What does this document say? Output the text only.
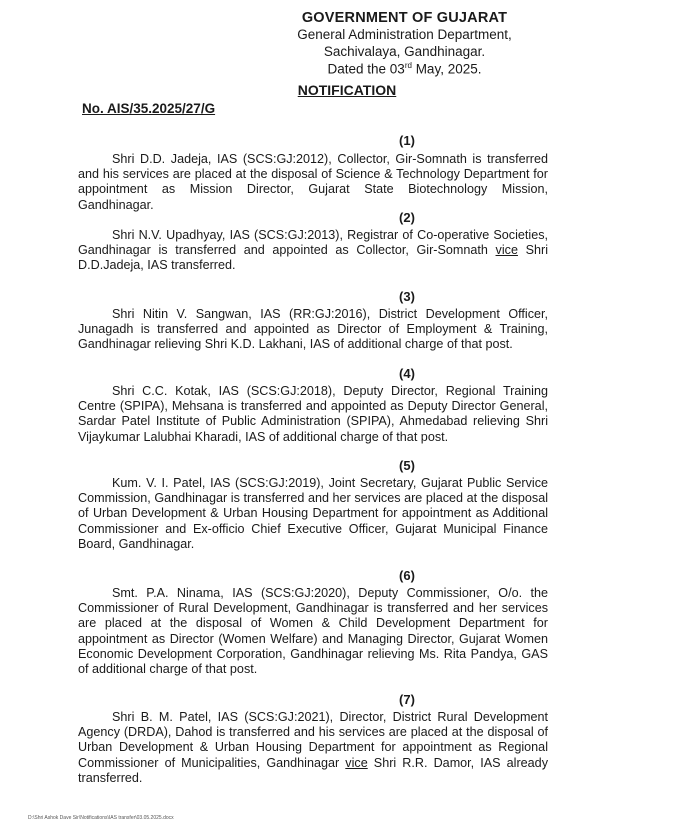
GOVERNMENT OF GUJARAT
General Administration Department,
Sachivalaya, Gandhinagar.
Dated the 03rd May, 2025.
NOTIFICATION
No. AIS/35.2025/27/G
(1)
Shri D.D. Jadeja, IAS (SCS:GJ:2012), Collector, Gir-Somnath is transferred and his services are placed at the disposal of Science & Technology Department for appointment as Mission Director, Gujarat State Biotechnology Mission, Gandhinagar.
(2)
Shri N.V. Upadhyay, IAS (SCS:GJ:2013), Registrar of Co-operative Societies, Gandhinagar is transferred and appointed as Collector, Gir-Somnath vice Shri D.D.Jadeja, IAS transferred.
(3)
Shri Nitin V. Sangwan, IAS (RR:GJ:2016), District Development Officer, Junagadh is transferred and appointed as Director of Employment & Training, Gandhinagar relieving Shri K.D. Lakhani, IAS of additional charge of that post.
(4)
Shri C.C. Kotak, IAS (SCS:GJ:2018), Deputy Director, Regional Training Centre (SPIPA), Mehsana is transferred and appointed as Deputy Director General, Sardar Patel Institute of Public Administration (SPIPA), Ahmedabad relieving Shri Vijaykumar Lalubhai Kharadi, IAS of additional charge of that post.
(5)
Kum. V. I. Patel, IAS (SCS:GJ:2019), Joint Secretary, Gujarat Public Service Commission, Gandhinagar is transferred and her services are placed at the disposal of Urban Development & Urban Housing Department for appointment as Additional Commissioner and Ex-officio Chief Executive Officer, Gujarat Municipal Finance Board, Gandhinagar.
(6)
Smt. P.A. Ninama, IAS (SCS:GJ:2020), Deputy Commissioner, O/o. the Commissioner of Rural Development, Gandhinagar is transferred and her services are placed at the disposal of Women & Child Development Department for appointment as Director (Women Welfare) and Managing Director, Gujarat Women Economic Development Corporation, Gandhinagar relieving Ms. Rita Pandya, GAS of additional charge of that post.
(7)
Shri B. M. Patel, IAS (SCS:GJ:2021), Director, District Rural Development Agency (DRDA), Dahod is transferred and his services are placed at the disposal of Urban Development & Urban Housing Department for appointment as Regional Commissioner of Municipalities, Gandhinagar vice Shri R.R. Damor, IAS already transferred.
D:\Shri Ashok Dave Sir\Notifications\IAS transfer\03.05.2025.docx
